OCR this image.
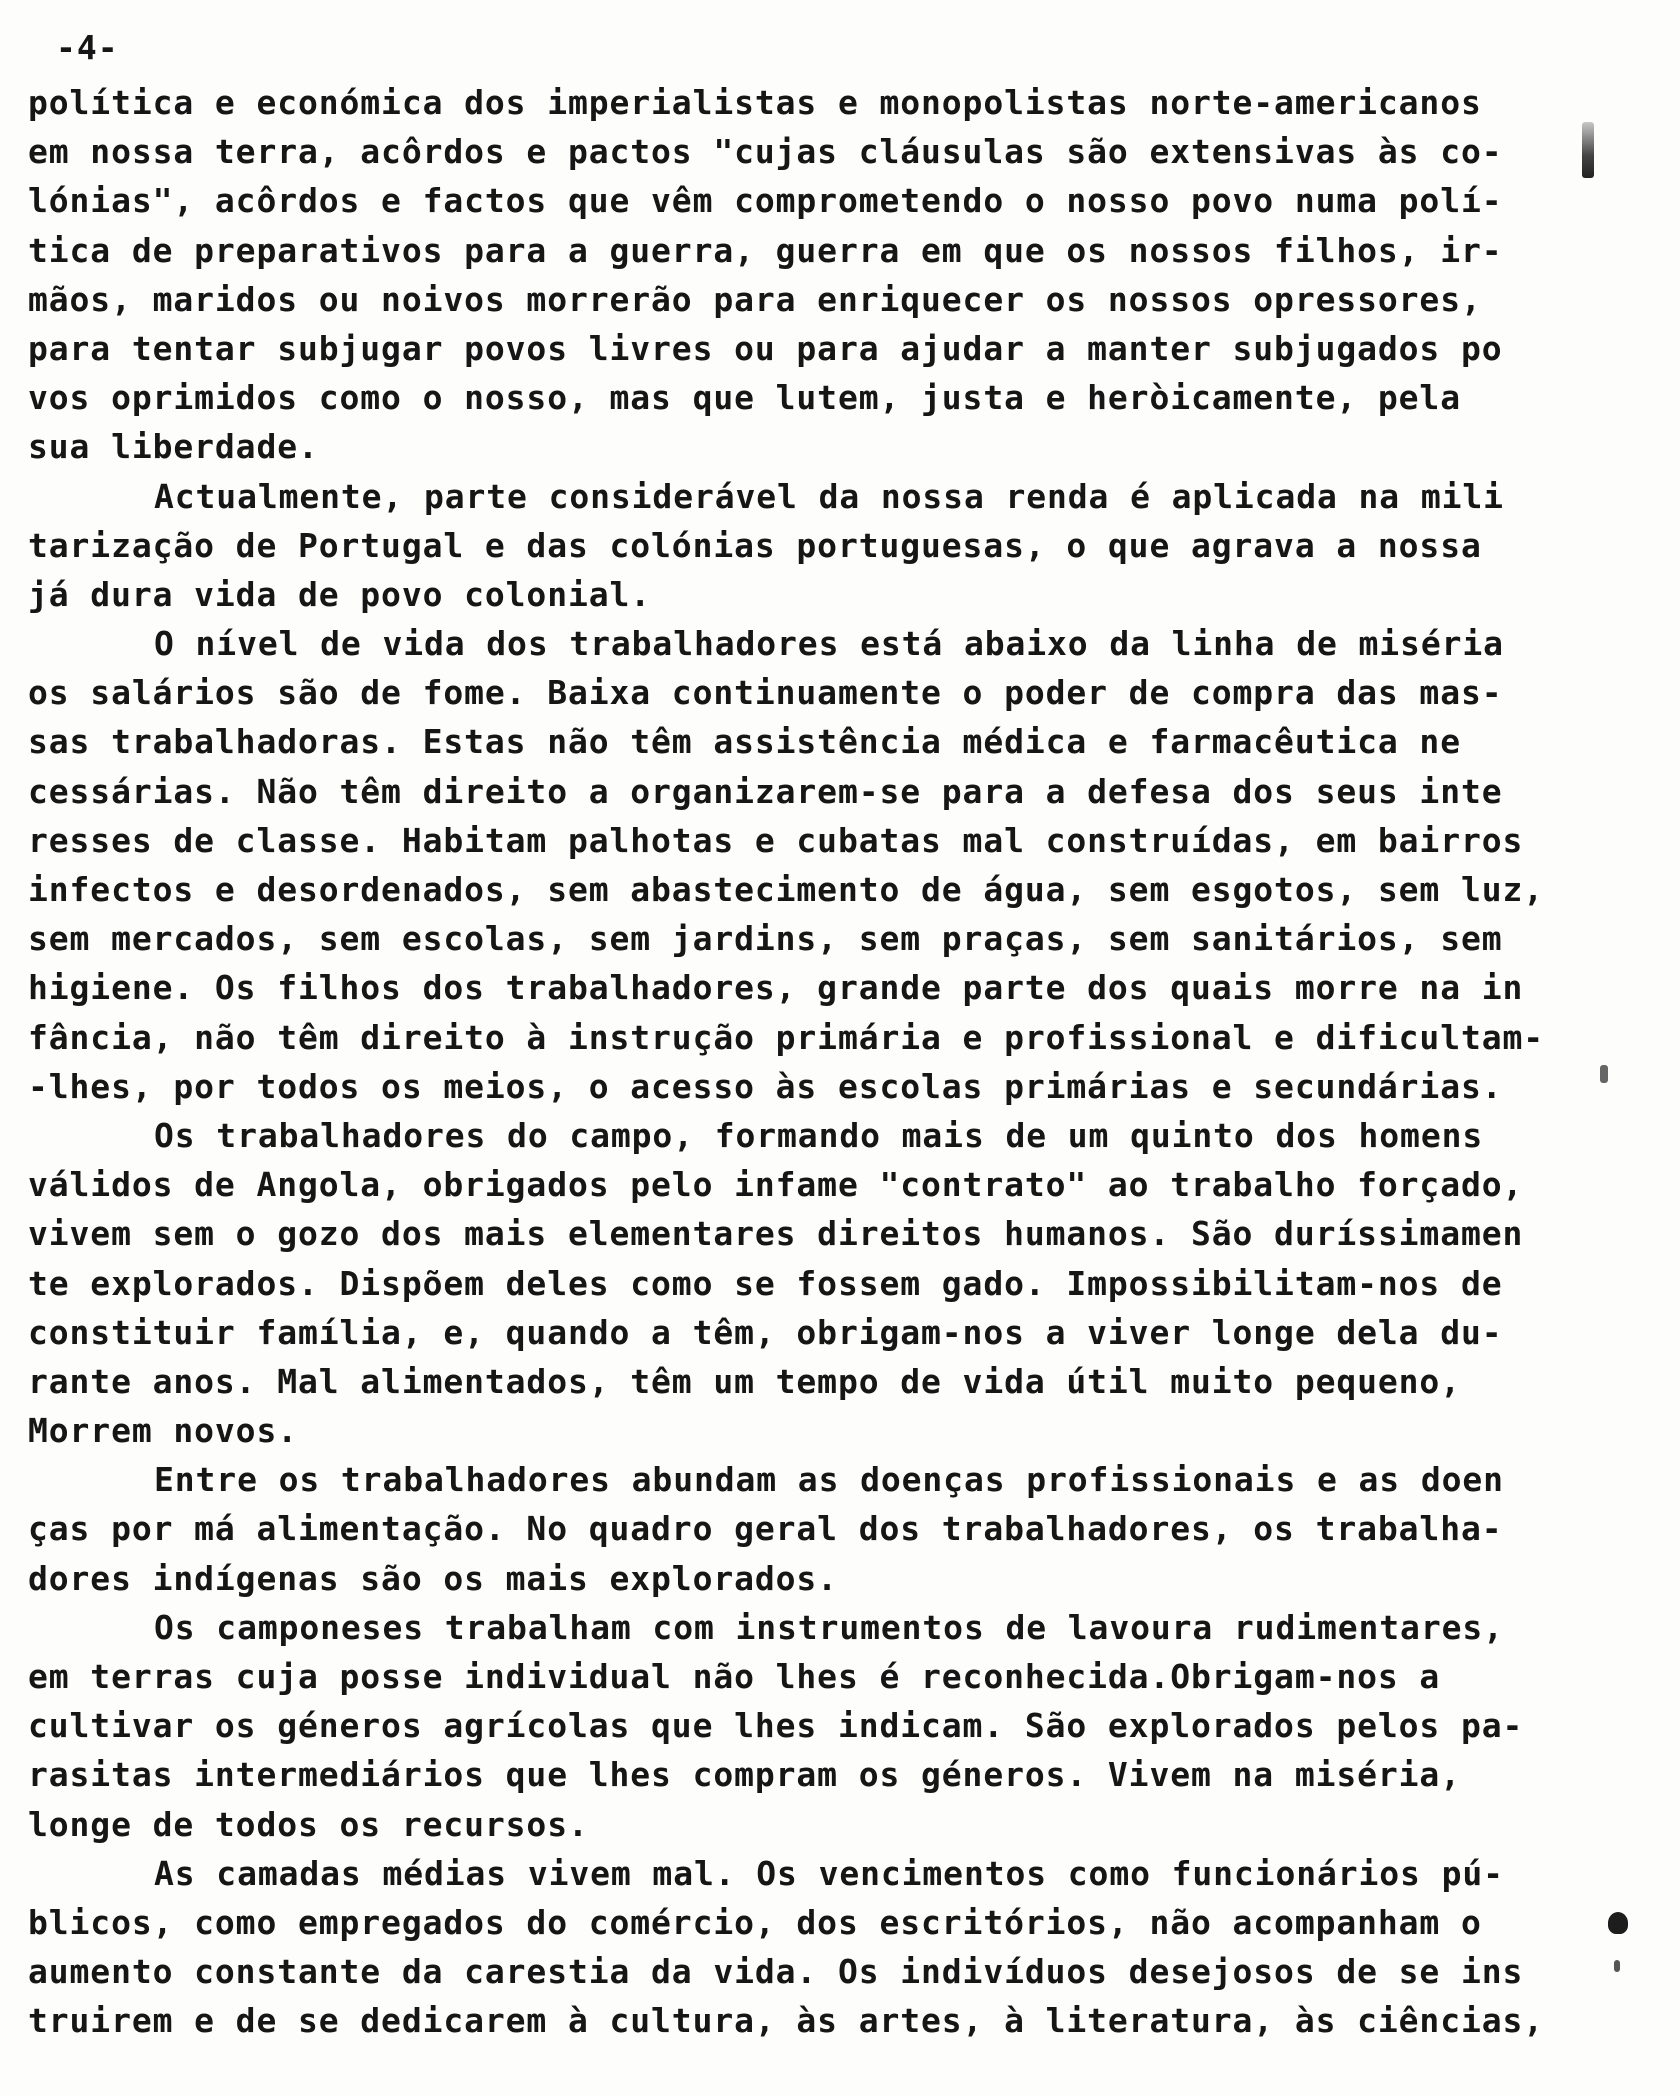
-4-
política e económica dos imperialistas e monopolistas norte-americanos
em nossa terra, acôrdos e pactos "cujas cláusulas são extensivas às co-
lónias", acôrdos e factos que vêm comprometendo o nosso povo numa polí-
tica de preparativos para a guerra, guerra em que os nossos filhos, ir-
mãos, maridos ou noivos morrerão para enriquecer os nossos opressores,
para tentar subjugar povos livres ou para ajudar a manter subjugados po
vos oprimidos como o nosso, mas que lutem, justa e heròicamente, pela
sua liberdade.
Actualmente, parte considerável da nossa renda é aplicada na mili
tarização de Portugal e das colónias portuguesas, o que agrava a nossa
já dura vida de povo colonial.
O nível de vida dos trabalhadores está abaixo da linha de miséria
os salários são de fome. Baixa continuamente o poder de compra das mas-
sas trabalhadoras. Estas não têm assistência médica e farmacêutica ne
cessárias. Não têm direito a organizarem-se para a defesa dos seus inte
resses de classe. Habitam palhotas e cubatas mal construídas, em bairros
infectos e desordenados, sem abastecimento de água, sem esgotos, sem luz,
sem mercados, sem escolas, sem jardins, sem praças, sem sanitários, sem
higiene. Os filhos dos trabalhadores, grande parte dos quais morre na in
fância, não têm direito à instrução primária e profissional e dificultam-
-lhes, por todos os meios, o acesso às escolas primárias e secundárias.
Os trabalhadores do campo, formando mais de um quinto dos homens
válidos de Angola, obrigados pelo infame "contrato" ao trabalho forçado,
vivem sem o gozo dos mais elementares direitos humanos. São duríssimamen
te explorados. Dispõem deles como se fossem gado. Impossibilitam-nos de
constituir família, e, quando a têm, obrigam-nos a viver longe dela du-
rante anos. Mal alimentados, têm um tempo de vida útil muito pequeno,
Morrem novos.
Entre os trabalhadores abundam as doenças profissionais e as doen
ças por má alimentação. No quadro geral dos trabalhadores, os trabalha-
dores indígenas são os mais explorados.
Os camponeses trabalham com instrumentos de lavoura rudimentares,
em terras cuja posse individual não lhes é reconhecida.Obrigam-nos a
cultivar os géneros agrícolas que lhes indicam. São explorados pelos pa-
rasitas intermediários que lhes compram os géneros. Vivem na miséria,
longe de todos os recursos.
As camadas médias vivem mal. Os vencimentos como funcionários pú-
blicos, como empregados do comércio, dos escritórios, não acompanham o
aumento constante da carestia da vida. Os indivíduos desejosos de se ins
truirem e de se dedicarem à cultura, às artes, à literatura, às ciências,
